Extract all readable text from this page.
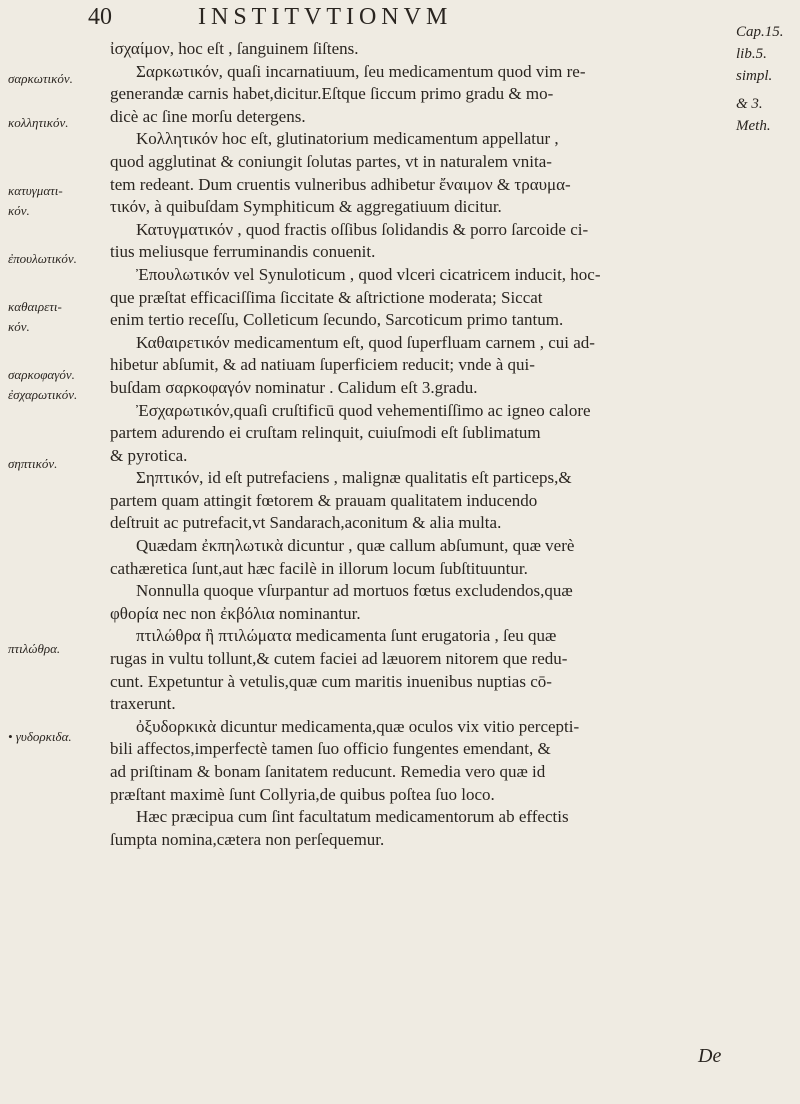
40	INSTITVTIONVM
σαρκωτικόν.
κολλητικόν.
κατυγματι-
κόν.
ἐπουλωτικόν.
καθαιρετι-
κόν.
σαρκοφαγόν.
ἐσχαρωτικόν.
σηπτικόν.
πτιλώθρα.
• γυδορκιδα.
Cap.15.
lib.5.
simpl.
& 3.
Meth.
ἰσχαίμον, hoc eſt , ſanguinem ſiſtens.
Σαρκωτικόν, quaſi incarnatiuum, ſeu medicamentum quod vim re-
generandæ carnis habet,dicitur.Eſtque ſiccum primo gradu & mo-
dicè ac ſine morſu detergens.
Κολλητικόν hoc eſt, glutinatorium medicamentum appellatur ,
quod agglutinat & coniungit ſolutas partes, vt in naturalem vnita-
tem redeant. Dum cruentis vulneribus adhibetur ἔναιμον & τραυμα-
τικόν, à quibuſdam Symphiticum & aggregatiuum dicitur.
Κατυγματικόν , quod fractis oſſibus ſolidandis & porro ſarcoide ci-
tius meliusque ferruminandis conuenit.
Ἐπουλωτικόν vel Synuloticum , quod vlceri cicatricem inducit, hoc-
que præſtat efficaciſſima ſiccitate & aſtrictione moderata; Siccat
enim tertio receſſu, Colleticum ſecundo, Sarcoticum primo tantum.
Καθαιρετικόν medicamentum eſt, quod ſuperfluam carnem , cui ad-
hibetur abſumit, & ad natiuam ſuperficiem reducit; vnde à qui-
buſdam σαρκοφαγόν nominatur . Calidum eſt 3.gradu.
Ἐσχαρωτικόν,quaſi cruſtificū quod vehementiſſimo ac igneo calore
partem adurendo ei cruſtam relinquit, cuiuſmodi eſt ſublimatum
& pyrotica.
Σηπτικόν, id eſt putrefaciens , malignæ qualitatis eſt particeps,&
partem quam attingit fœtorem & prauam qualitatem inducendo
deſtruit ac putrefacit,vt Sandarach,aconitum & alia multa.
Quædam ἐκπηλωτικὰ dicuntur , quæ callum abſumunt, quæ verè
cathæretica ſunt,aut hæc facilè in illorum locum ſubſtituuntur.
Nonnulla quoque vſurpantur ad mortuos fœtus excludendos,quæ
φθορία nec non ἐκβόλια nominantur.
πτιλώθρα ἢ πτιλώματα medicamenta ſunt erugatoria , ſeu quæ
rugas in vultu tollunt,& cutem faciei ad læuorem nitorem que redu-
cunt. Expetuntur à vetulis,quæ cum maritis inuenibus nuptias cō-
traxerunt.
ὀξυδορκικὰ dicuntur medicamenta,quæ oculos vix vitio percepti-
bili affectos,imperfectè tamen ſuo officio fungentes emendant, &
ad priſtinam & bonam ſanitatem reducunt. Remedia vero quæ id
præſtant maximè ſunt Collyria,de quibus poſtea ſuo loco.
Hæc præcipua cum ſint facultatum medicamentorum ab effectis
ſumpta nomina,cætera non perſequemur.
De
